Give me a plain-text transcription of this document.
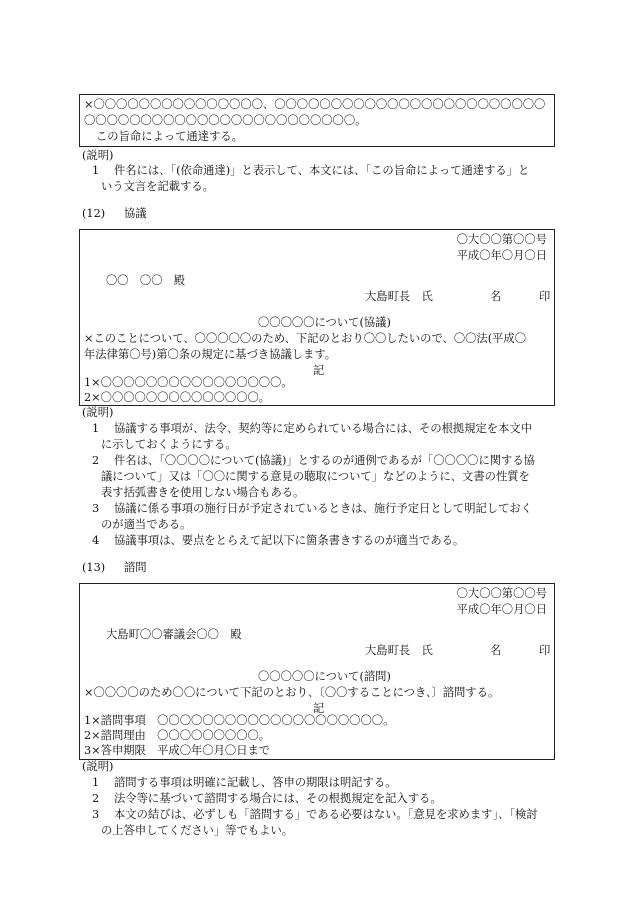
×〇〇〇〇〇〇〇〇〇〇〇〇〇〇〇、〇〇〇〇〇〇〇〇〇〇〇〇〇〇〇〇〇〇〇〇〇〇〇〇
〇〇〇〇〇〇〇〇〇〇〇〇〇〇〇〇〇〇〇〇〇〇〇〇。
この旨命によって通達する。
(説明)
1 件名には、「(依命通達)」と表示して、本文には、「この旨命によって通達する」と
いう文言を記載する。
(12) 協議
〇大〇〇第〇〇号
平成〇年〇月〇日
〇〇　〇〇　殿
大島町長　氏	名	印
〇〇〇〇〇について(協議)
×このことについて、〇〇〇〇〇のため、下記のとおり〇〇したいので、〇〇法(平成〇
年法律第〇号)第〇条の規定に基づき協議します。
記
1×〇〇〇〇〇〇〇〇〇〇〇〇〇〇〇〇。
2×〇〇〇〇〇〇〇〇〇〇〇〇〇〇。
(説明)
1 協議する事項が、法令、契約等に定められている場合には、その根拠規定を本文中
に示しておくようにする。
2 件名は、「〇〇〇〇について(協議)」とするのが通例であるが「〇〇〇〇に関する協
議について」又は「〇〇に関する意見の聴取について」などのように、文書の性質を
表す括弧書きを使用しない場合もある。
3 協議に係る事項の施行日が予定されているときは、施行予定日として明記しておく
のが適当である。
4 協議事項は、要点をとらえて記以下に箇条書きするのが適当である。
(13) 諮問
〇大〇〇第〇〇号
平成〇年〇月〇日
大島町〇〇審議会〇〇　殿
大島町長　氏	名	印
〇〇〇〇〇について(諮問)
×〇〇〇〇のため〇〇について下記のとおり、〔〇〇することにつき、〕諮問する。
記
1×諮問事項　〇〇〇〇〇〇〇〇〇〇〇〇〇〇〇〇〇〇〇〇。
2×諮問理由　〇〇〇〇〇〇〇〇〇。
3×答申期限　平成〇年〇月〇日まで
(説明)
1 諮問する事項は明確に記載し、答申の期限は明記する。
2 法令等に基づいて諮問する場合には、その根拠規定を記入する。
3 本文の結びは、必ずしも「諮問する」である必要はない。「意見を求めます」、「検討
の上答申してください」等でもよい。
